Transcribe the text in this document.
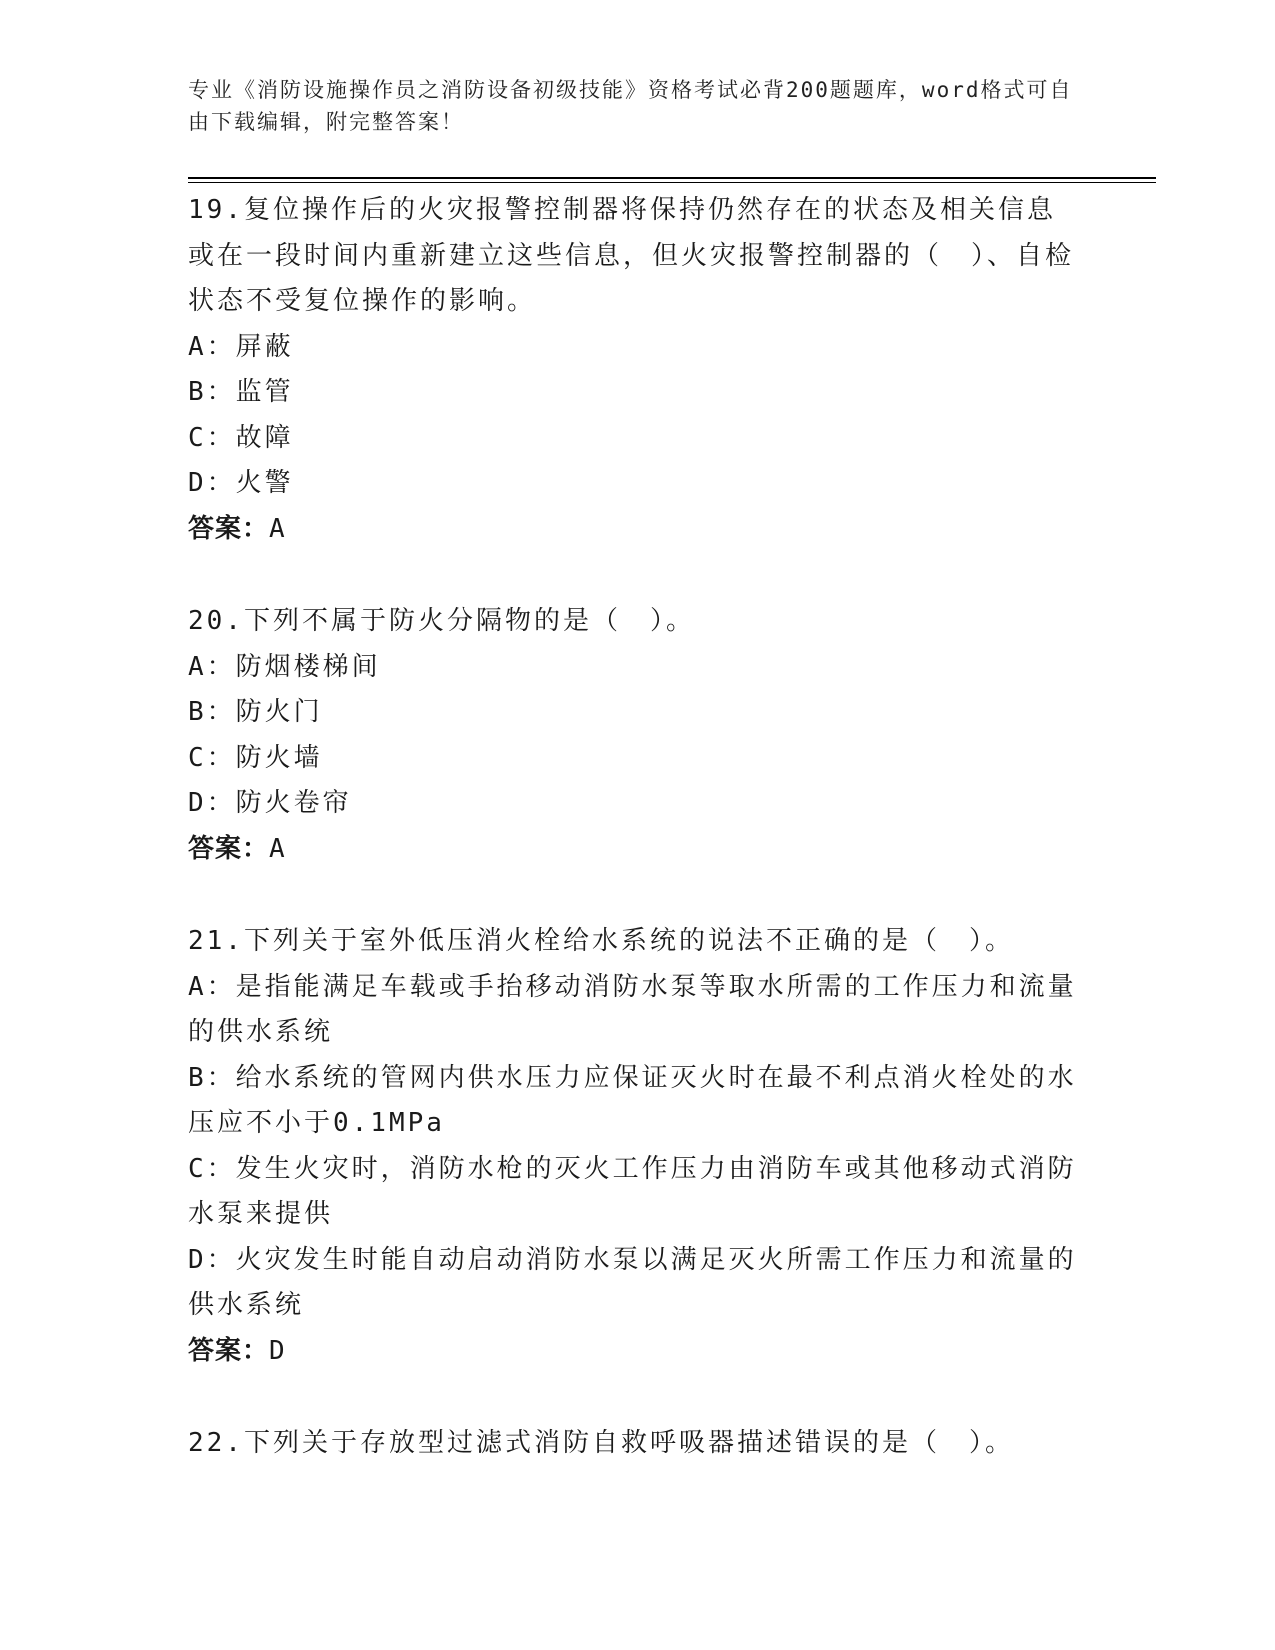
专业《消防设施操作员之消防设备初级技能》资格考试必背200题题库，word格式可自由下载编辑，附完整答案！

19.复位操作后的火灾报警控制器将保持仍然存在的状态及相关信息或在一段时间内重新建立这些信息，但火灾报警控制器的（　）、自检状态不受复位操作的影响。

A：屏蔽

B：监管

C：故障

D：火警

答案：A

20.下列不属于防火分隔物的是（　）。

A：防烟楼梯间

B：防火门

C：防火墙

D：防火卷帘

答案：A

21.下列关于室外低压消火栓给水系统的说法不正确的是（　）。

A：是指能满足车载或手抬移动消防水泵等取水所需的工作压力和流量的供水系统

B：给水系统的管网内供水压力应保证灭火时在最不利点消火栓处的水压应不小于0.1MPa

C：发生火灾时，消防水枪的灭火工作压力由消防车或其他移动式消防水泵来提供

D：火灾发生时能自动启动消防水泵以满足灭火所需工作压力和流量的供水系统

答案：D

22.下列关于存放型过滤式消防自救呼吸器描述错误的是（　）。
